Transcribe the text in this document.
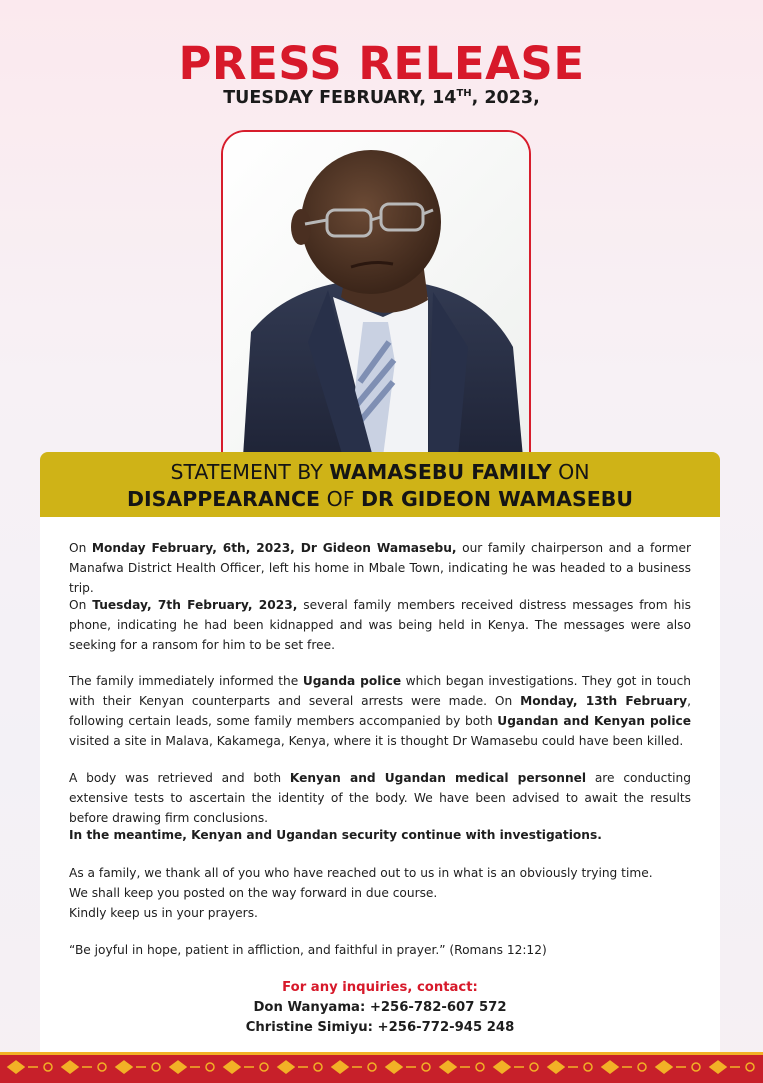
PRESS RELEASE
TUESDAY FEBRUARY, 14TH, 2023,
STATEMENT BY WAMASEBU FAMILY ON
DISAPPEARANCE OF DR GIDEON WAMASEBU

On Monday February, 6th, 2023, Dr Gideon Wamasebu, our family chairperson and a former Manafwa District Health Officer, left his home in Mbale Town, indicating he was headed to a business trip.

On Tuesday, 7th February, 2023, several family members received distress messages from his phone, indicating he had been kidnapped and was being held in Kenya. The messages were also seeking for a ransom for him to be set free.

The family immediately informed the Uganda police which began investigations. They got in touch with their Kenyan counterparts and several arrests were made. On Monday, 13th February, following certain leads, some family members accompanied by both Ugandan and Kenyan police visited a site in Malava, Kakamega, Kenya, where it is thought Dr Wamasebu could have been killed.

A body was retrieved and both Kenyan and Ugandan medical personnel are conducting extensive tests to ascertain the identity of the body. We have been advised to await the results before drawing firm conclusions.

In the meantime, Kenyan and Ugandan security continue with investigations.

As a family, we thank all of you who have reached out to us in what is an obviously trying time.
We shall keep you posted on the way forward in due course.
Kindly keep us in your prayers.

“Be joyful in hope, patient in affliction, and faithful in prayer.” (Romans 12:12)

For any inquiries, contact:
Don Wanyama: +256-782-607 572
Christine Simiyu: +256-772-945 248
